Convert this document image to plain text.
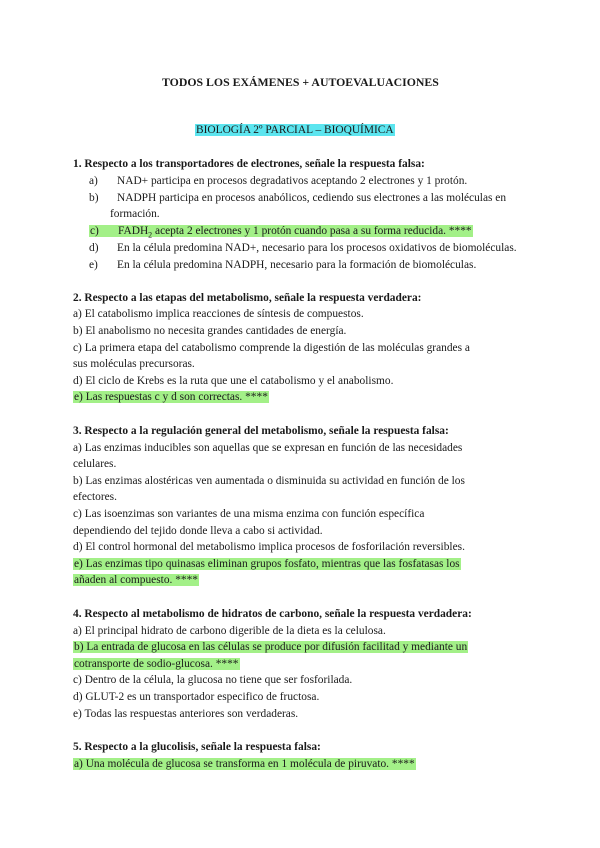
TODOS LOS EXÁMENES + AUTOEVALUACIONES
BIOLOGÍA 2º PARCIAL – BIOQUÍMICA
1. Respecto a los transportadores de electrones, señale la respuesta falsa:
a) NAD+ participa en procesos degradativos aceptando 2 electrones y 1 protón.
b) NADPH participa en procesos anabólicos, cediendo sus electrones a las moléculas en
formación.
c) $FADH_2$ acepta 2 electrones y 1 protón cuando pasa a su forma reducida. ****
d) En la célula predomina NAD+, necesario para los procesos oxidativos de biomoléculas.
e) En la célula predomina NADPH, necesario para la formación de biomoléculas.
2. Respecto a las etapas del metabolismo, señale la respuesta verdadera:
a) El catabolismo implica reacciones de síntesis de compuestos.
b) El anabolismo no necesita grandes cantidades de energía.
c) La primera etapa del catabolismo comprende la digestión de las moléculas grandes a
sus moléculas precursoras.
d) El ciclo de Krebs es la ruta que une el catabolismo y el anabolismo.
e) Las respuestas c y d son correctas. ****
3. Respecto a la regulación general del metabolismo, señale la respuesta falsa:
a) Las enzimas inducibles son aquellas que se expresan en función de las necesidades
celulares.
b) Las enzimas alostéricas ven aumentada o disminuida su actividad en función de los
efectores.
c) Las isoenzimas son variantes de una misma enzima con función específica
dependiendo del tejido donde lleva a cabo si actividad.
d) El control hormonal del metabolismo implica procesos de fosforilación reversibles.
e) Las enzimas tipo quinasas eliminan grupos fosfato, mientras que las fosfatasas los
añaden al compuesto. ****
4. Respecto al metabolismo de hidratos de carbono, señale la respuesta verdadera:
a) El principal hidrato de carbono digerible de la dieta es la celulosa.
b) La entrada de glucosa en las células se produce por difusión facilitad y mediante un
cotransporte de sodio-glucosa. ****
c) Dentro de la célula, la glucosa no tiene que ser fosforilada.
d) GLUT-2 es un transportador especifico de fructosa.
e) Todas las respuestas anteriores son verdaderas.
5. Respecto a la glucolisis, señale la respuesta falsa:
a) Una molécula de glucosa se transforma en 1 molécula de piruvato. ****
